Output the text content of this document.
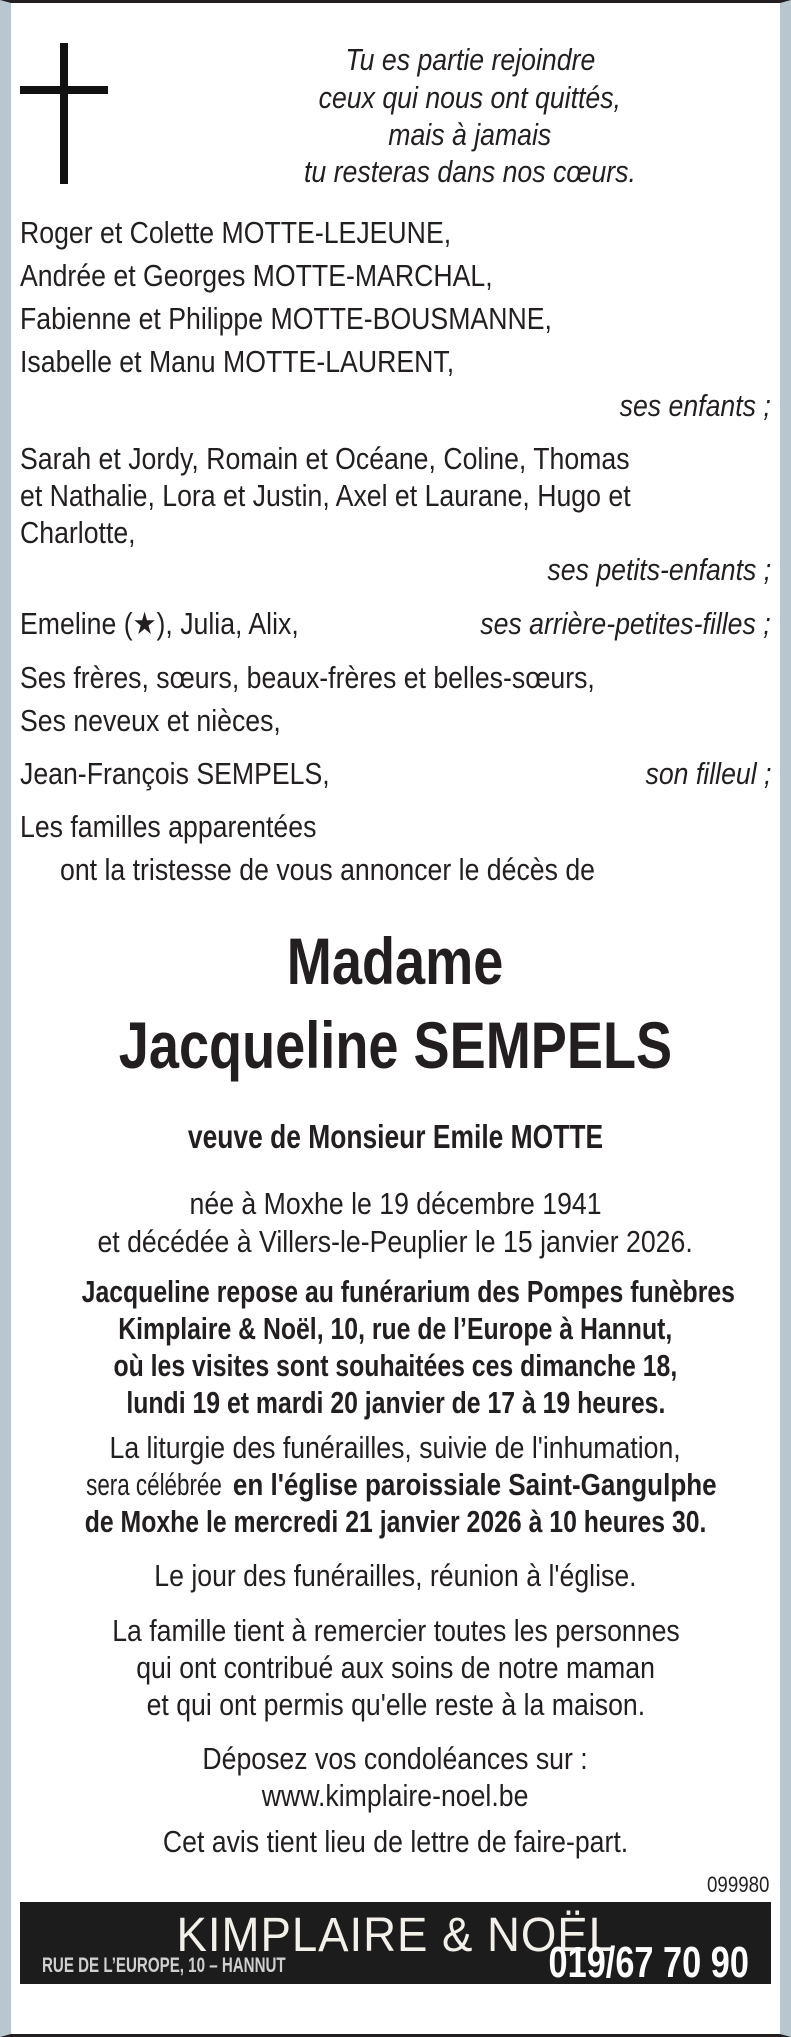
Tu es partie rejoindre
ceux qui nous ont quittés,
mais à jamais
tu resteras dans nos cœurs.
Roger et Colette MOTTE-LEJEUNE,
Andrée et Georges MOTTE-MARCHAL,
Fabienne et Philippe MOTTE-BOUSMANNE,
Isabelle et Manu MOTTE-LAURENT,
ses enfants ;
Sarah et Jordy, Romain et Océane, Coline, Thomas
et Nathalie, Lora et Justin, Axel et Laurane, Hugo et
Charlotte,
ses petits-enfants ;
Emeline (★), Julia, Alix,	ses arrière-petites-filles ;
Ses frères, sœurs, beaux-frères et belles-sœurs,
Ses neveux et nièces,
Jean-François SEMPELS,	son filleul ;
Les familles apparentées
ont la tristesse de vous annoncer le décès de
Madame
Jacqueline SEMPELS
veuve de Monsieur Emile MOTTE
née à Moxhe le 19 décembre 1941
et décédée à Villers-le-Peuplier le 15 janvier 2026.
Jacqueline repose au funérarium des Pompes funèbres
Kimplaire & Noël, 10, rue de l’Europe à Hannut,
où les visites sont souhaitées ces dimanche 18,
lundi 19 et mardi 20 janvier de 17 à 19 heures.
La liturgie des funérailles, suivie de l'inhumation,
sera célébréeen l'église paroissiale Saint-Gangulphe
de Moxhe le mercredi 21 janvier 2026 à 10 heures 30.
Le jour des funérailles, réunion à l'église.
La famille tient à remercier toutes les personnes
qui ont contribué aux soins de notre maman
et qui ont permis qu'elle reste à la maison.
Déposez vos condoléances sur :
www.kimplaire-noel.be
Cet avis tient lieu de lettre de faire-part.
099980
KIMPLAIRE & NOËL
RUE DE L’EUROPE, 10 – HANNUT	019/67 70 90
